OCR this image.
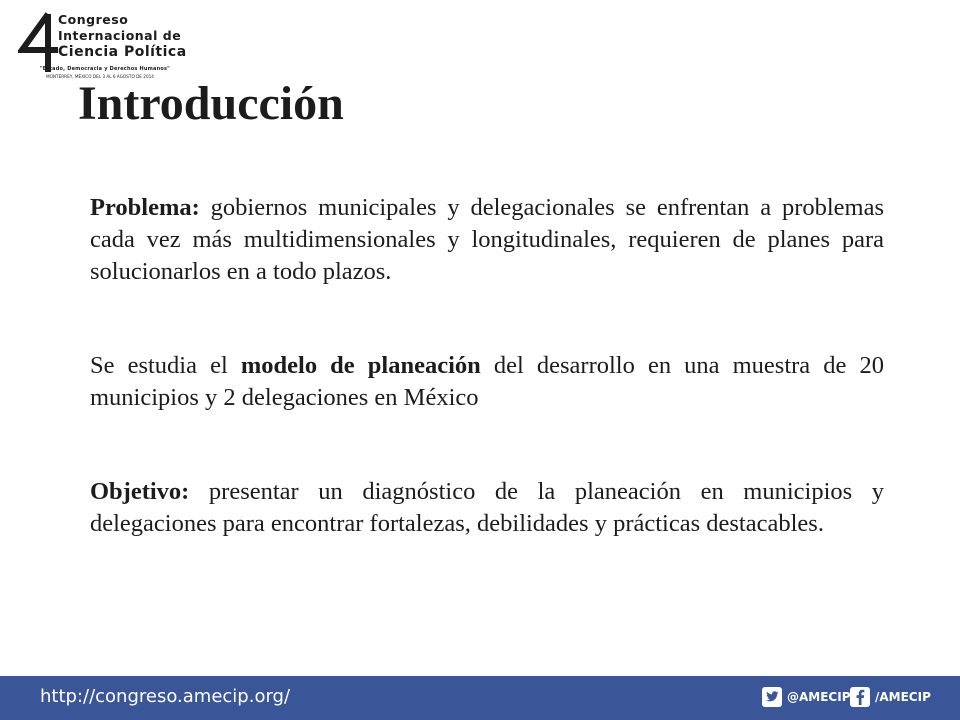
Congreso
Internacional de
Ciencia Política
"Estado, Democracia y Derechos Humanos"
MONTERREY, MÉXICO DEL 3 AL 6 AGOSTO DE 2014
Introducción

Problema: gobiernos municipales y delegacionales se enfrentan a problemas cada vez más multidimensionales y longitudinales, requieren de planes para solucionarlos en a todo plazos.

Se estudia el modelo de planeación del desarrollo en una muestra de 20 municipios y 2 delegaciones en México

Objetivo: presentar un diagnóstico de la planeación en municipios y delegaciones para encontrar fortalezas, debilidades y prácticas destacables.

http://congreso.amecip.org/	@AMECIP /AMECIP
